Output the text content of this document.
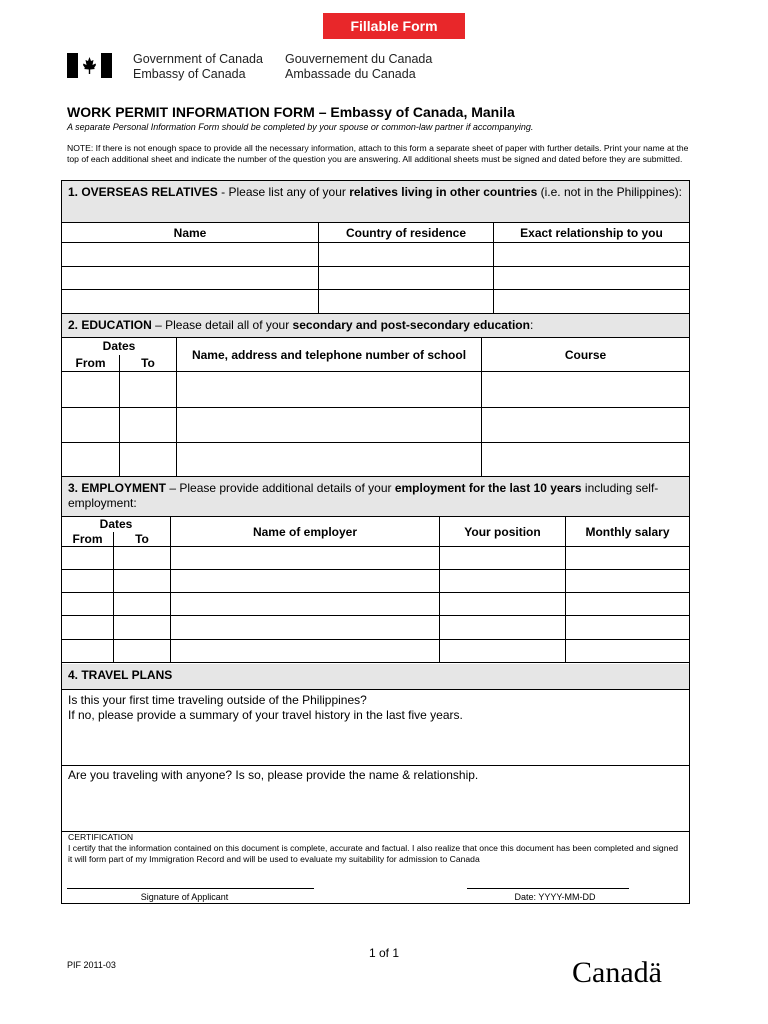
Fillable Form
Government of Canada
Embassy of Canada
Gouvernement du Canada
Ambassade du Canada
WORK PERMIT INFORMATION FORM – Embassy of Canada, Manila
A separate Personal Information Form should be completed by your spouse or common-law partner if accompanying.
NOTE: If there is not enough space to provide all the necessary information, attach to this form a separate sheet of paper with further details. Print your name at the top of each additional sheet and indicate the number of the question you are answering. All additional sheets must be signed and dated before they are submitted.
1. OVERSEAS RELATIVES - Please list any of your relatives living in other countries (i.e. not in the Philippines):
Name	Country of residence	Exact relationship to you

2. EDUCATION – Please detail all of your secondary and post-secondary education:
Dates		Name, address and telephone number of school	Course
From	To		

3. EMPLOYMENT – Please provide additional details of your employment for the last 10 years including self-employment:
Dates		Name of employer	Your position	Monthly salary
From	To			

4. TRAVEL PLANS
Is this your first time traveling outside of the Philippines?
If no, please provide a summary of your travel history in the last five years.
Are you traveling with anyone? Is so, please provide the name & relationship.
CERTIFICATION
I certify that the information contained on this document is complete, accurate and factual. I also realize that once this document has been completed and signed it will form part of my Immigration Record and will be used to evaluate my suitability for admission to Canada
Signature of Applicant	Date: YYYY-MM-DD
1 of 1
PIF 2011-03	Canadä
